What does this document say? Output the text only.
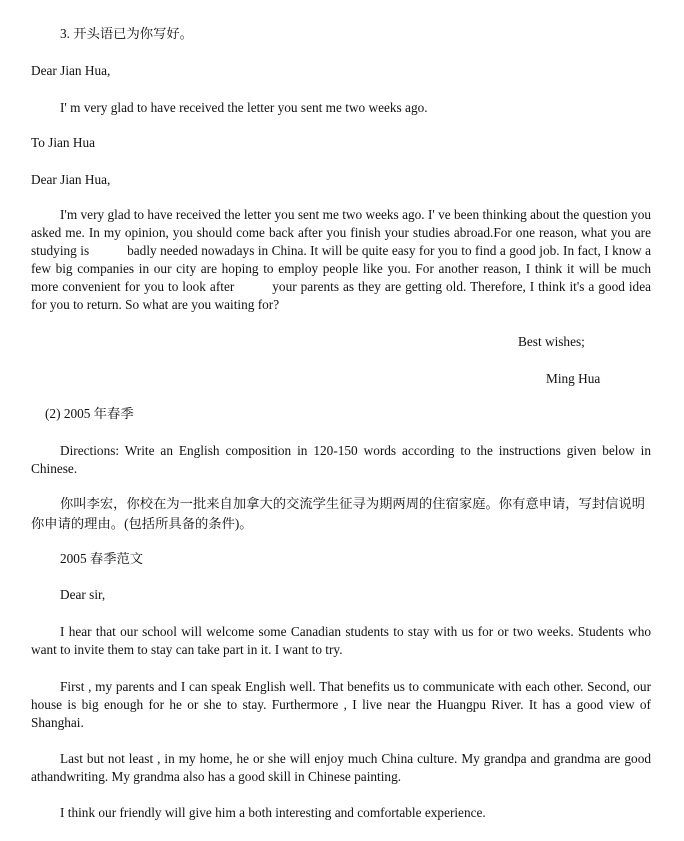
3. 开头语已为你写好。

Dear Jian Hua,

I' m very glad to have received the letter you sent me two weeks ago.

To Jian Hua

Dear Jian Hua,

I'm very glad to have received the letter you sent me two weeks ago. I' ve been thinking about the question you asked me. In my opinion, you should come back after you finish your studies abroad.For one reason, what you are studying is	badly needed nowadays in China. It will be quite easy for you to find a good job. In fact, I know a few big companies in our city are hoping to employ people like you. For another reason, I think it will be much more convenient for you to look after	your parents as they are getting old. Therefore, I think it's a good idea for you to return. So what are you waiting for?

Best wishes;

Ming Hua

(2) 2005 年春季

Directions: Write an English composition in 120-150 words according to the instructions given below in Chinese.

你叫李宏，你校在为一批来自加拿大的交流学生征寻为期两周的住宿家庭。你有意申请，写封信说明你申请的理由。(包括所具备的条件)。

2005 春季范文

Dear sir,

I hear that our school will welcome some Canadian students to stay with us for or two weeks. Students who want to invite them to stay can take part in it. I want to try.

First , my parents and I can speak English well. That benefits us to communicate with each other. Second, our house is big enough for he or she to stay. Furthermore , I live near the Huangpu River. It has a good view of Shanghai.

Last but not least , in my home, he or she will enjoy much China culture. My grandpa and grandma are good athandwriting. My grandma also has a good skill in Chinese painting.

I think our friendly will give him a both interesting and comfortable experience.
